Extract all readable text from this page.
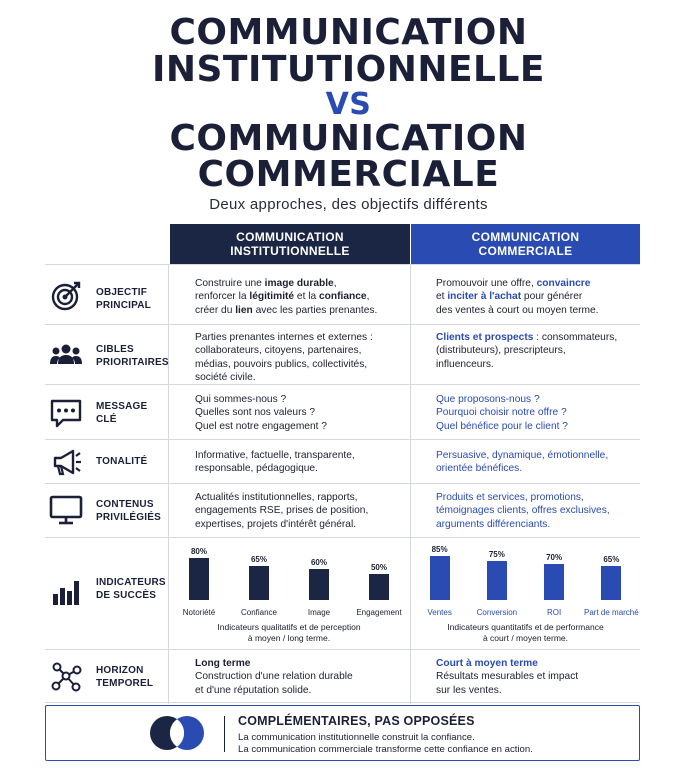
COMMUNICATION
INSTITUTIONNELLE
VS
COMMUNICATION
COMMERCIALE
Deux approches, des objectifs différents
COMMUNICATION
INSTITUTIONNELLE
COMMUNICATION
COMMERCIALE
OBJECTIF
PRINCIPAL
Construire une image durable,
renforcer la légitimité et la confiance,
créer du lien avec les parties prenantes.
Promouvoir une offre, convaincre
et inciter à l'achat pour générer
des ventes à court ou moyen terme.
CIBLES
PRIORITAIRES
Parties prenantes internes et externes :
collaborateurs, citoyens, partenaires,
médias, pouvoirs publics, collectivités,
société civile.
Clients et prospects : consommateurs,
(distributeurs), prescripteurs,
influenceurs.
MESSAGE
CLÉ
Qui sommes-nous ?
Quelles sont nos valeurs ?
Quel est notre engagement ?
Que proposons-nous ?
Pourquoi choisir notre offre ?
Quel bénéfice pour le client ?
TONALITÉ
Informative, factuelle, transparente,
responsable, pédagogique.
Persuasive, dynamique, émotionnelle,
orientée bénéfices.
CONTENUS
PRIVILÉGIÉS
Actualités institutionnelles, rapports,
engagements RSE, prises de position,
expertises, projets d'intérêt général.
Produits et services, promotions,
témoignages clients, offres exclusives,
arguments différenciants.
INDICATEURS
DE SUCCÈS
80%
Notoriété
65%
Confiance
60%
Image
50%
Engagement
85%
Ventes
75%
Conversion
70%
ROI
65%
Part de marché
Indicateurs qualitatifs et de perception
à moyen / long terme.
Indicateurs quantitatifs et de performance
à court / moyen terme.
HORIZON
TEMPOREL
Long terme
Construction d'une relation durable
et d'une réputation solide.
Court à moyen terme
Résultats mesurables et impact
sur les ventes.
COMPLÉMENTAIRES, PAS OPPOSÉES
La communication institutionnelle construit la confiance.
La communication commerciale transforme cette confiance en action.
